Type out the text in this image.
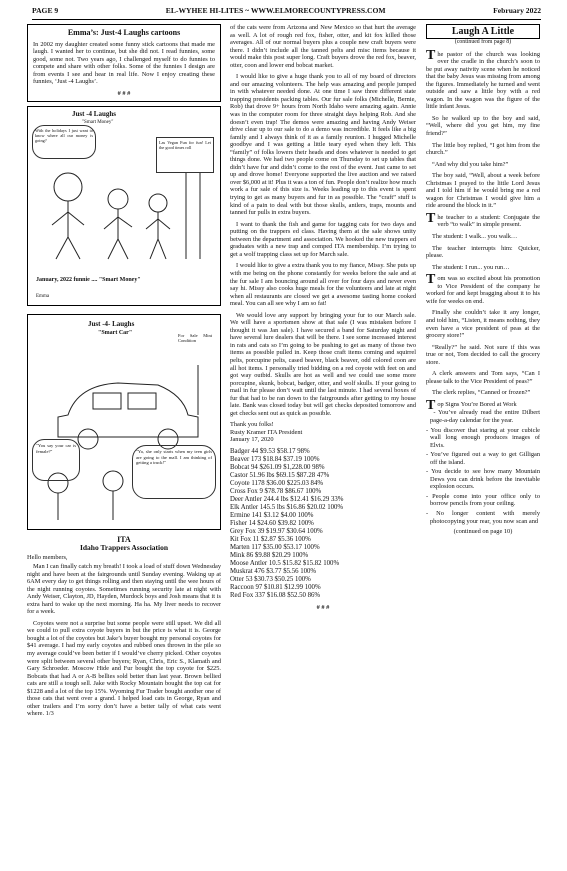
PAGE 9	EL-WYHEE HI-LITES ~ WWW.ELMORECOUNTYPRESS.COM	February 2022
Emma’s: Just-4 Laughs cartoons

In 2002 my daughter created some funny stick cartoons that made me laugh. I wanted her to continue, but she did not. I read funnies, some good, some not. Two years ago, I challenged myself to do funnies to compete and share with other folks. Some of the funnies I design are from events I see and hear in real life. Now I enjoy creating these funnies, ‘Just -4 Laughs’.

# # #
Just -4 Laughs
"Smart Money"
With the holidays I just want to know where all our money is going?	Las Vegan Fun for fun! Let the good times roll
January, 2022 funnie .... "Smart Money"
Emma
Just -4- Laughs
"Smart Car"	For Sale Mint Condition
"You say your car is female?"	"Ya, she only starts when my teen girls are going to the mall. I am thinking of getting a truck!"
ITA
Idaho Trappers Association

Hello members,

Man I can finally catch my breath! I took a load of stuff down Wednesday night and have been at the fairgrounds until Sunday evening. Waking up at 6AM every day to get things rolling and then staying until the wee hours of the night running coyotes. Sometimes running security late at night with Andy Weiser, Clayton, JD, Hayden, Murdock boys and Josh means that it is extra hard to wake up the next morning. Ha ha. My liver needs to recover for a week.

Coyotes were not a surprise but some people were still upset. We did all we could to pull extra coyote buyers in but the price is what it is. George bought a lot of the coyotes but Jake’s buyer bought my personal coyotes for $41 average. I had my early coyotes and rubbed ones thrown in the pile so my average could’ve been better if I would’ve cherry picked. Other coyotes were split between several other buyers; Ryan, Chris, Eric S., Klamath and Gary Schroeder. Moscow Hide and Fur bought the top coyote for $225. Bobcats that had A or A-B bellies sold better than last year. Brown bellied cats are still a tough sell. Jake with Rocky Mountain bought the top cat for $1228 and a lot of the top 15%. Wyoming Fur Trader bought another one of those cats that went over a grand. I helped load cats in George, Ryan and other trailers and I’m sorry don’t have a better tally of what cats went where. 1/3

of the cats were from Arizona and New Mexico so that hurt the average as well. A lot of rough red fox, fisher, otter, and kit fox killed those averages. All of our normal buyers plus a couple new craft buyers were there. I didn’t include all the tanned pelts and misc items because it would make this post super long. Craft buyers drove the red fox, beaver, otter, coon and lower end bobcat market.

I would like to give a huge thank you to all of my board of directors and our amazing volunteers. The help was amazing and people jumped in with whatever needed done. At one time I saw three different state trapping presidents packing tables. Our fur sale folks (Michelle, Bernie, Rob) that drove 9+ hours from North Idaho were amazing again. Annie was in the computer room for three straight days helping Rob. And she doesn’t even trap! The demos were amazing and having Andy Weiser drive clear up to our sale to do a demo was incredible. It feels like a big family and I always think of it as a family reunion. I hugged Michelle goodbye and I was getting a little teary eyed when they left. This “family” of folks lowers their heads and does whatever is needed to get things done. We had two people come on Thursday to set up tables that didn’t have fur and didn’t come to the rest of the event. Just came to set up and drove home! Everyone supported the live auction and we raised over $6,000 at it! Plus it was a ton of fun. People don’t realize how much work a fur sale of this size is. Weeks leading up to this event is spent trying to get as many buyers and fur in as possible. The “craft” stuff is kind of a pain to deal with but those skulls, antlers, traps, mounts and tanned fur pulls in extra buyers.

I want to thank the fish and game for tagging cats for two days and putting on the trappers ed class. Having them at the sale shows unity between the department and association. We hooked the new trappers ed graduates with a new trap and comped ITA membership. I’m trying to get a wolf trapping class set up for March sale.

I would like to give a extra thank you to my fiance, Missy. She puts up with me being on the phone constantly for weeks before the sale and at the fur sale I am bouncing around all over for four days and never even say hi. Missy also cooks huge meals for the volunteers and late at night when all restaurants are closed we get a awesome tasting home cooked meal. You can all see why I am so fat!

We would love any support by bringing your fur to our March sale. We will have a sportsmen show at that sale (I was mistaken before I thought it was Jan sale). I have secured a band for Saturday night and have several lure dealers that will be there. I see some increased interest in rats and cats so I’m going to be pushing to get as many of those two items as possible pulled in. Keep those craft items coming and squirrel pelts, porcupine pelts, cased beaver, black beaver, odd colored coon are all hot items. I personally tried bidding on a red coyote with feet on and got way outbid. Skulls are hot as well and we could use some more porcupine, skunk, bobcat, badger, otter, and wolf skulls. If your going to mail in fur please don’t wait until the last minute. I had several boxes of fur that had to be ran down to the fairgrounds after getting to my house late. Bank was closed today but will get checks deposited tomorrow and get checks sent out as quick as possible.

Thank you folks!

Rusty Kramer ITA President

January 17, 2020

Badger 44 $9.53 $58.17 98%

Beaver 173 $18.84 $37.19 100%

Bobcat 94 $261.09 $1,228.00 98%

Castor 51.96 lbs $69.15 $87.28 47%

Coyote 1178 $36.00 $225.03 84%

Cross Fox 9 $78.78 $86.67 100%

Deer Antler 244.4 lbs $12.41 $16.29 33%

Elk Antler 145.5 lbs $16.86 $20.02 100%

Ermine 141 $3.12 $4.00 100%

Fisher 14 $24.60 $39.82 100%

Grey Fox 39 $19.97 $30.64 100%

Kit Fox 11 $2.87 $5.36 100%

Marten 117 $35.00 $53.17 100%

Mink 86 $9.88 $20.29 100%

Moose Antler 10.5 $15.82 $15.82 100%

Muskrat 476 $3.77 $5.56 100%

Otter 53 $30.73 $50.25 100%

Raccoon 97 $10.81 $12.99 100%

Red Fox 337 $16.08 $52.50 86%

# # #
Laugh A Little
(continued from page 8)

The pastor of the church was looking over the cradle in the church’s soon to be put away nativity scene when he noticed that the baby Jesus was missing from among the figures. Immediately he turned and went outside and saw a little boy with a red wagon. In the wagon was the figure of the little infant Jesus.

So he walked up to the boy and said, “Well, where did you get him, my fine friend?”

The little boy replied, “I got him from the church.”

“And why did you take him?”

The boy said, “Well, about a week before Christmas I prayed to the little Lord Jesus and I told him if he would bring me a red wagon for Christmas I would give him a ride around the block in it.”

The teacher to a student: Conjugate the verb “to walk” in simple present.

The student: I walk... you walk…

The teacher interrupts him: Quicker, please.

The student: I run... you run…

Tom was so excited about his promotion to Vice President of the company he worked for and kept bragging about it to his wife for weeks on end.

Finally she couldn’t take it any longer, and told him, “Listen, it means nothing, they even have a vice president of peas at the grocery store!”

“Really?” he said. Not sure if this was true or not, Tom decided to call the grocery store.

A clerk answers and Tom says, “Can I please talk to the Vice President of peas?”

The clerk replies, “Canned or frozen?”

Top Signs You’re Bored at Work

- You’ve already read the entire Dilbert page-a-day calendar for the year.

- You discover that staring at your cubicle wall long enough produces images of Elvis.

- You’ve figured out a way to get Gilligan off the island.

- You decide to see how many Mountain Dews you can drink before the inevitable explosion occurs.

- People come into your office only to borrow pencils from your ceiling.

- No longer content with merely photocopying your rear, you now scan and

(continued on page 10)
